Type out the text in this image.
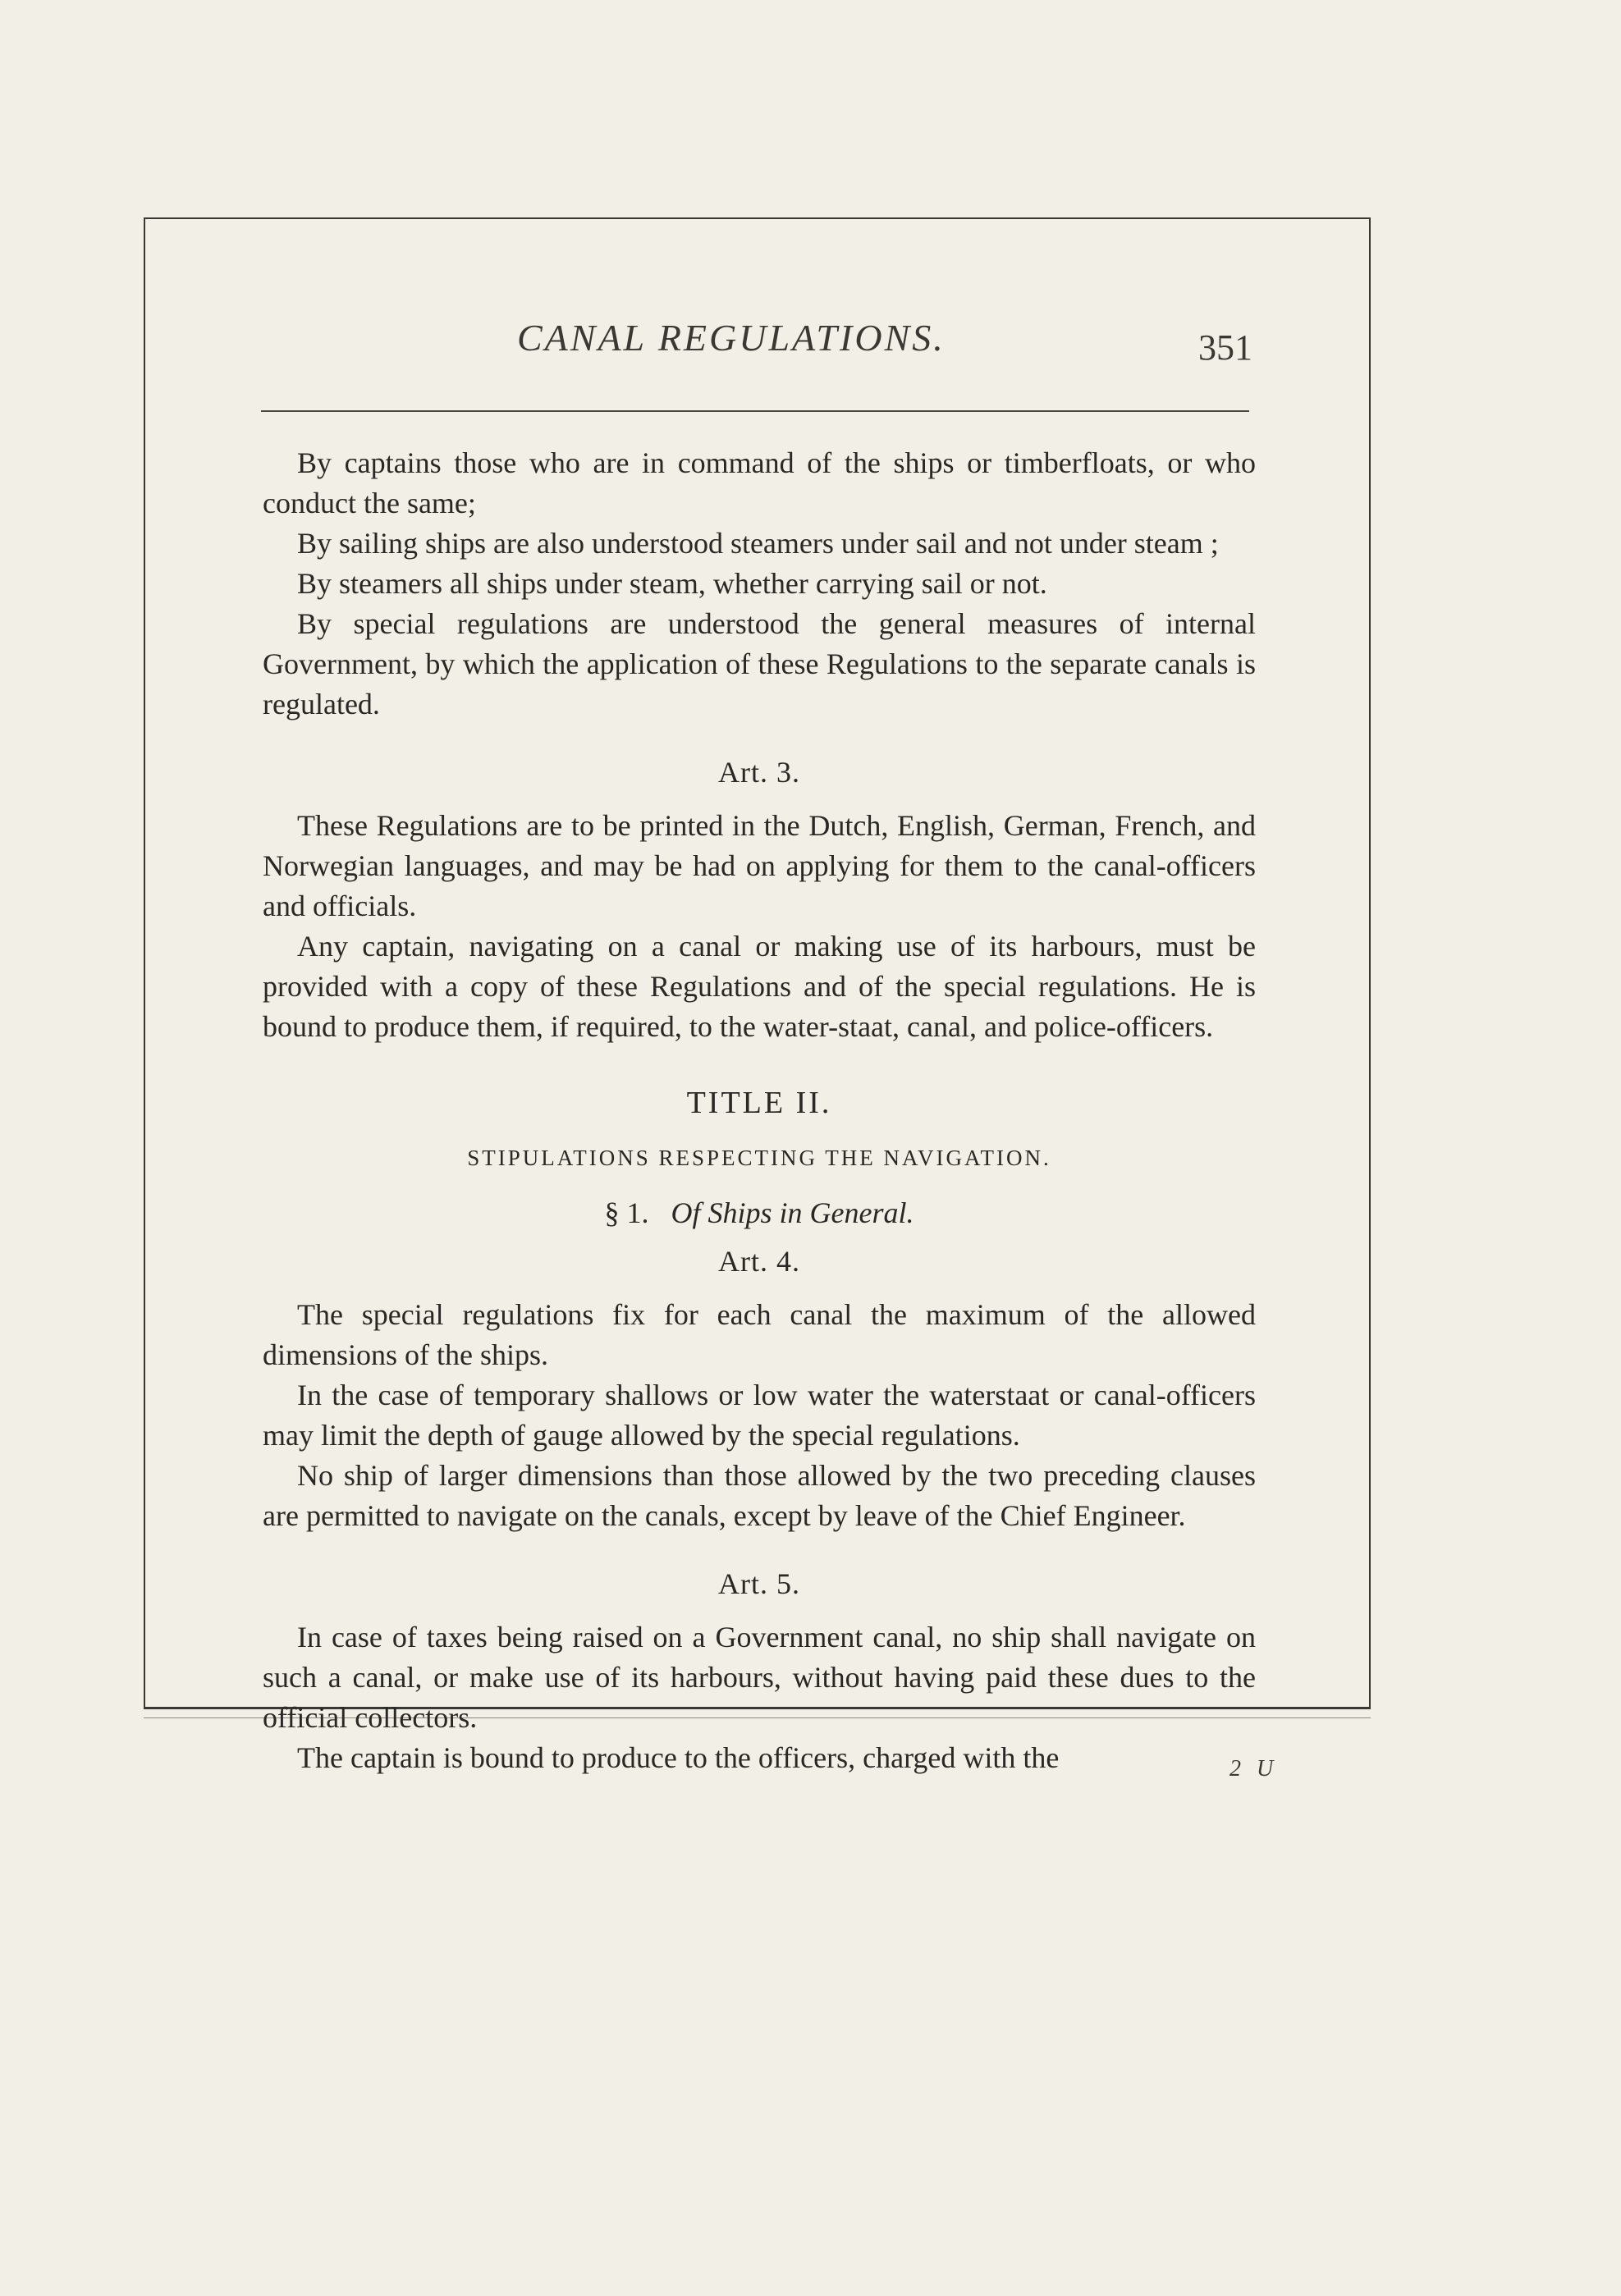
CANAL REGULATIONS.	351

By captains those who are in command of the ships or timberfloats, or who conduct the same;

By sailing ships are also understood steamers under sail and not under steam ;

By steamers all ships under steam, whether carrying sail or not.

By special regulations are understood the general measures of internal Government, by which the application of these Regulations to the separate canals is regulated.

Art. 3.

These Regulations are to be printed in the Dutch, English, German, French, and Norwegian languages, and may be had on applying for them to the canal-officers and officials.

Any captain, navigating on a canal or making use of its harbours, must be provided with a copy of these Regulations and of the special regulations. He is bound to produce them, if required, to the water-staat, canal, and police-officers.

TITLE II.
STIPULATIONS RESPECTING THE NAVIGATION.
§ 1. Of Ships in General.
Art. 4.

The special regulations fix for each canal the maximum of the allowed dimensions of the ships.

In the case of temporary shallows or low water the waterstaat or canal-officers may limit the depth of gauge allowed by the special regulations.

No ship of larger dimensions than those allowed by the two preceding clauses are permitted to navigate on the canals, except by leave of the Chief Engineer.

Art. 5.

In case of taxes being raised on a Government canal, no ship shall navigate on such a canal, or make use of its harbours, without having paid these dues to the official collectors.

The captain is bound to produce to the officers, charged with the	2 U
